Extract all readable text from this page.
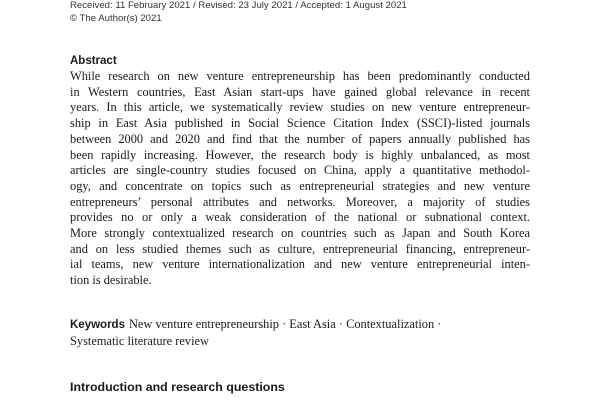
Received: 11 February 2021 / Revised: 23 July 2021 / Accepted: 1 August 2021
© The Author(s) 2021
Abstract

While research on new venture entrepreneurship has been predominantly conducted
in Western countries, East Asian start-ups have gained global relevance in recent
years. In this article, we systematically review studies on new venture entrepreneur-
ship in East Asia published in Social Science Citation Index (SSCI)-listed journals
between 2000 and 2020 and find that the number of papers annually published has
been rapidly increasing. However, the research body is highly unbalanced, as most
articles are single-country studies focused on China, apply a quantitative methodol-
ogy, and concentrate on topics such as entrepreneurial strategies and new venture
entrepreneurs’ personal attributes and networks. Moreover, a majority of studies
provides no or only a weak consideration of the national or subnational context.
More strongly contextualized research on countries such as Japan and South Korea
and on less studied themes such as culture, entrepreneurial financing, entrepreneur-
ial teams, new venture internationalization and new venture entrepreneurial inten-
tion is desirable.

Keywords New venture entrepreneurship · East Asia · Contextualization ·
Systematic literature review
Introduction and research questions
